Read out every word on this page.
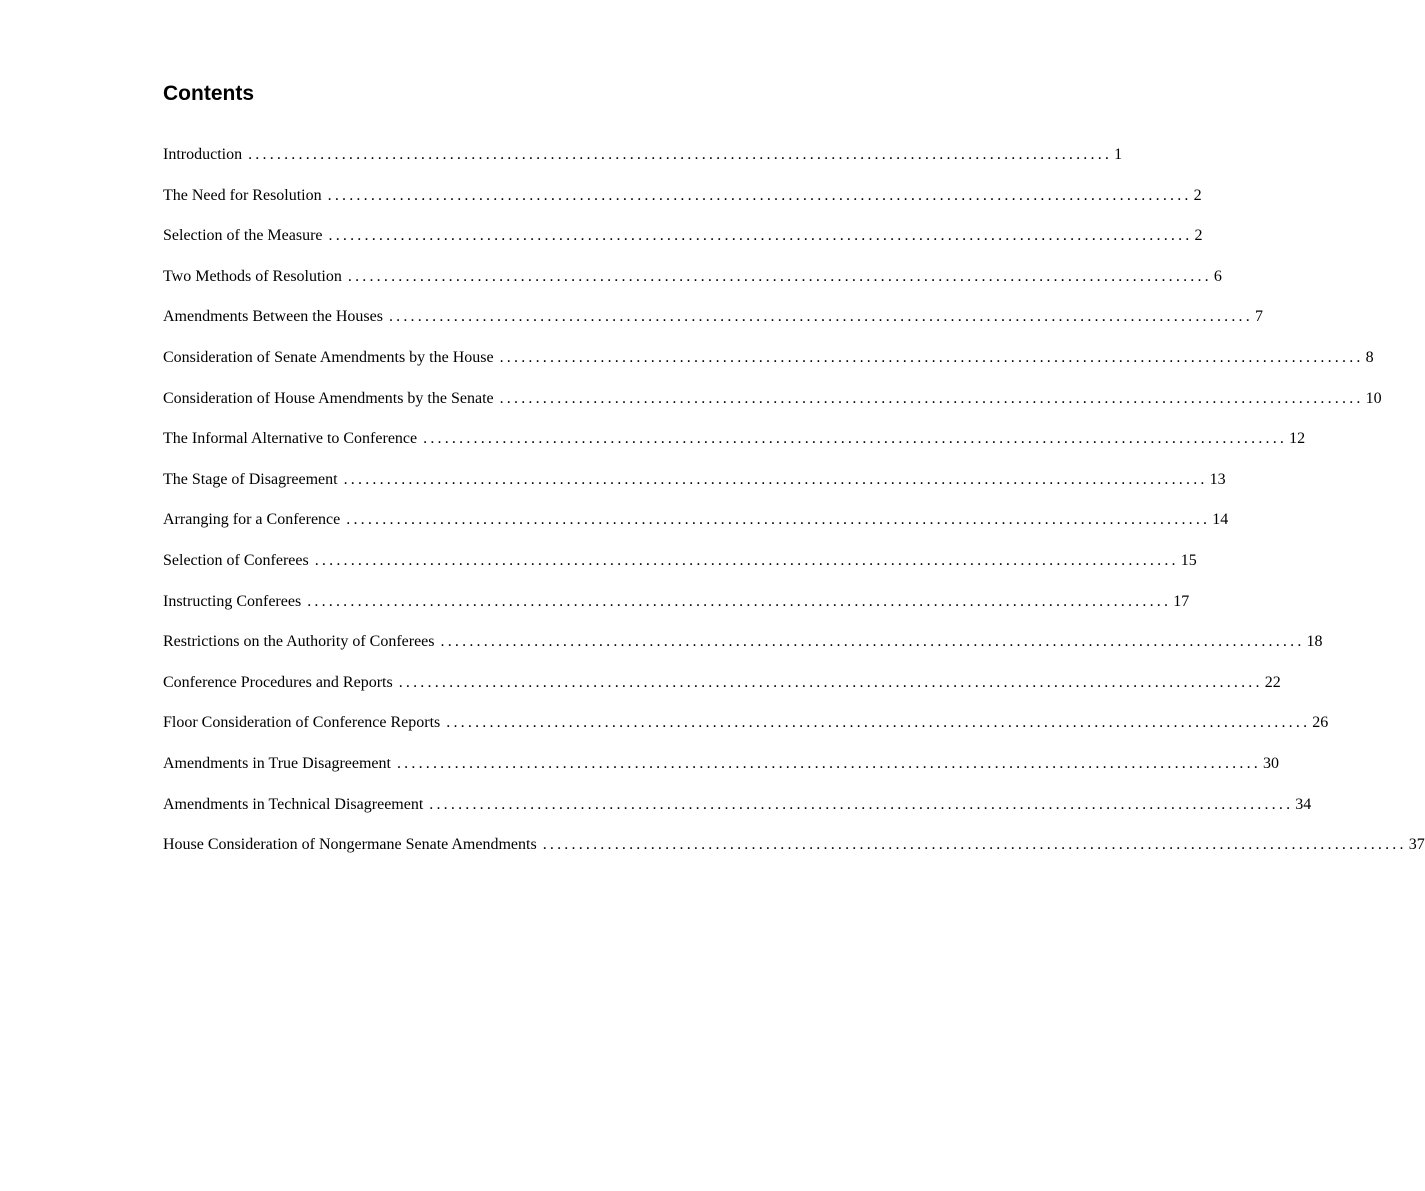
Contents
Introduction ........................................................................................................................ 1
The Need for Resolution ........................................................................................................................ 2
Selection of the Measure ........................................................................................................................ 2
Two Methods of Resolution ........................................................................................................................ 6
Amendments Between the Houses ........................................................................................................................ 7
Consideration of Senate Amendments by the House ........................................................................................................................ 8
Consideration of House Amendments by the Senate ........................................................................................................................ 10
The Informal Alternative to Conference ........................................................................................................................ 12
The Stage of Disagreement ........................................................................................................................ 13
Arranging for a Conference ........................................................................................................................ 14
Selection of Conferees ........................................................................................................................ 15
Instructing Conferees ........................................................................................................................ 17
Restrictions on the Authority of Conferees ........................................................................................................................ 18
Conference Procedures and Reports ........................................................................................................................ 22
Floor Consideration of Conference Reports ........................................................................................................................ 26
Amendments in True Disagreement ........................................................................................................................ 30
Amendments in Technical Disagreement ........................................................................................................................ 34
House Consideration of Nongermane Senate Amendments ........................................................................................................................ 37
